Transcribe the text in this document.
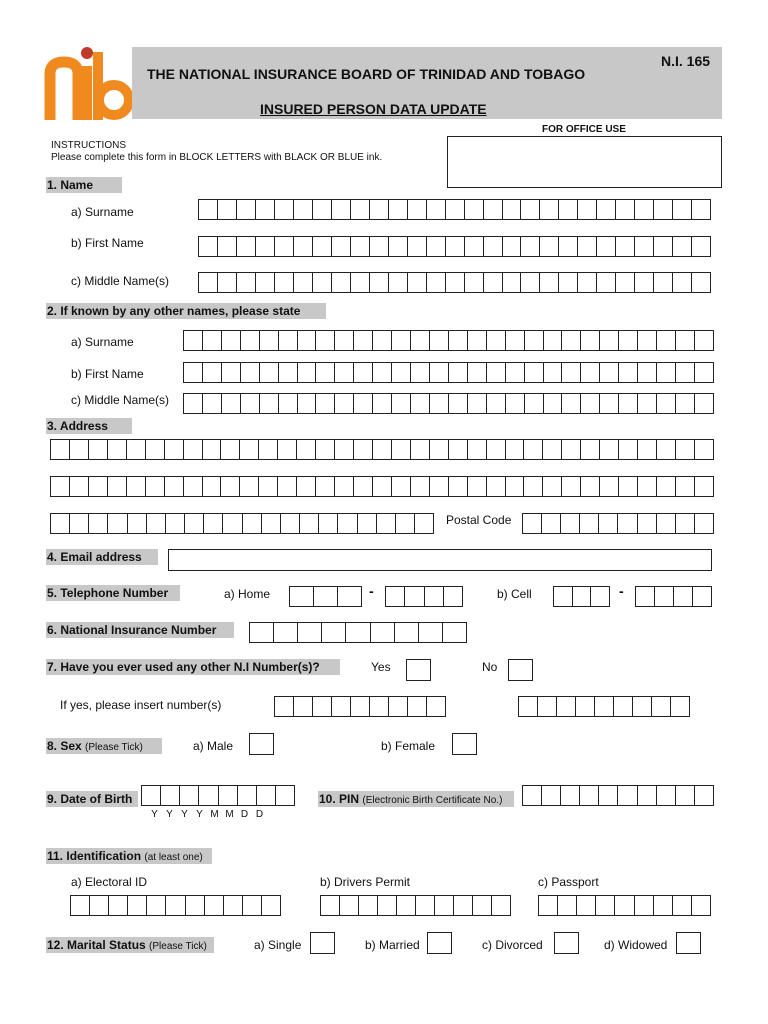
THE NATIONAL INSURANCE BOARD OF TRINIDAD AND TOBAGO
N.I. 165
INSURED PERSON DATA UPDATE
FOR OFFICE USE
INSTRUCTIONS
Please complete this form in BLOCK LETTERS with BLACK OR BLUE ink.
1. Name
a) Surname
b) First Name
c) Middle Name(s)
2. If known by any other names, please state
a) Surname
b) First Name
c) Middle Name(s)
3. Address
Postal Code
4. Email address
5. Telephone Number	a) Home	-	b) Cell	-
6. National Insurance Number
7. Have you ever used any other N.I Number(s)?	Yes	No
If yes, please insert number(s)
8. Sex (Please Tick)	a) Male	b) Female
9. Date of Birth
Y Y Y Y M M D D
10. PIN (Electronic Birth Certificate No.)
11. Identification (at least one)
a) Electoral ID	b) Drivers Permit	c) Passport
12. Marital Status (Please Tick)	a) Single	b) Married	c) Divorced	d) Widowed
